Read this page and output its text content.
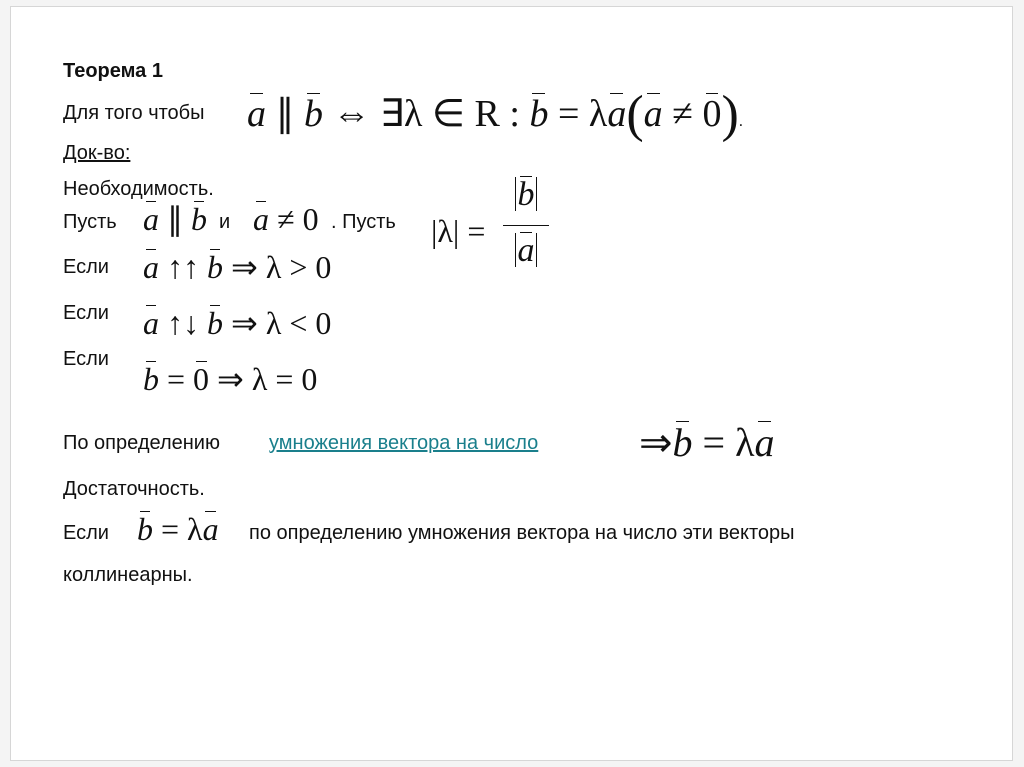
Теорема 1
Для того чтобы a ∥ b ⇔ ∃λ ∈ R : b = λa(a ≠ 0).
Док-во:
Необходимость.
Пусть a ∥ b и a ≠ 0 . Пусть |λ| =
b
a
Если a ↑↑ b ⇒ λ > 0
Если a ↑↓ b ⇒ λ < 0
Если
b = 0 ⇒ λ = 0
По определению умножения вектора на число	⇒b = λa
Достаточность.
Если b = λa по определению умножения вектора на число эти векторы
коллинеарны.
